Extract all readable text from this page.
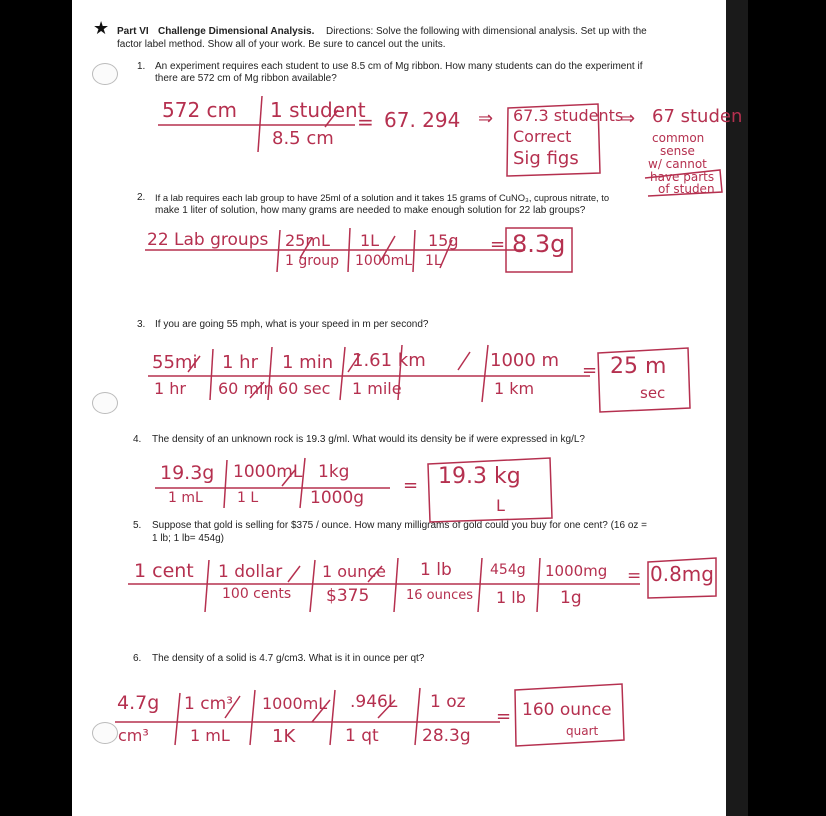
★ Part VI Challenge Dimensional Analysis. Directions: Solve the following with dimensional analysis. Set up with the
factor label method. Show all of your work. Be sure to cancel out the units.
1. An experiment requires each student to use 8.5 cm of Mg ribbon. How many students can do the experiment if
there are 572 cm of Mg ribbon available?
2. If a lab requires each lab group to have 25ml of a solution and it takes 15 grams of CuNO₃, cuprous nitrate, to
make 1 liter of solution, how many grams are needed to make enough solution for 22 lab groups?
3. If you are going 55 mph, what is your speed in m per second?
4. The density of an unknown rock is 19.3 g/ml. What would its density be if were expressed in kg/L?
5. Suppose that gold is selling for $375 / ounce. How many milligrams of gold could you buy for one cent? (16 oz =
1 lb; 1 lb= 454g)
6. The density of a solid is 4.7 g/cm3. What is it in ounce per qt?
572 cm 1 student
8.5 cm
= 67. 294 ⇒ 67.3 students
Correct
Sig figs
⇒ 67 studen
common
sense
w/ cannot
have parts
of studen
22 Lab groups 25mL
1 group
1L
1000mL
15g
1L
= 8.3g
55mi
1 hr
1 hr
60 min
1 min
60 sec
1.61 km
1 mile
1000 m
1 km
= 25 m
sec
19.3g
1 mL
1000mL
1 L
1kg
1000g
= 19.3 kg
L
1 cent 1 dollar
100 cents
1 ounce
$375
1 lb
16 ounces
454g
1 lb
1000mg
1g
= 0.8mg
4.7g
cm³
1 cm³
1 mL
1000mL
1K
.946L
1 qt
1 oz
28.3g
= 160 ounce
quart
